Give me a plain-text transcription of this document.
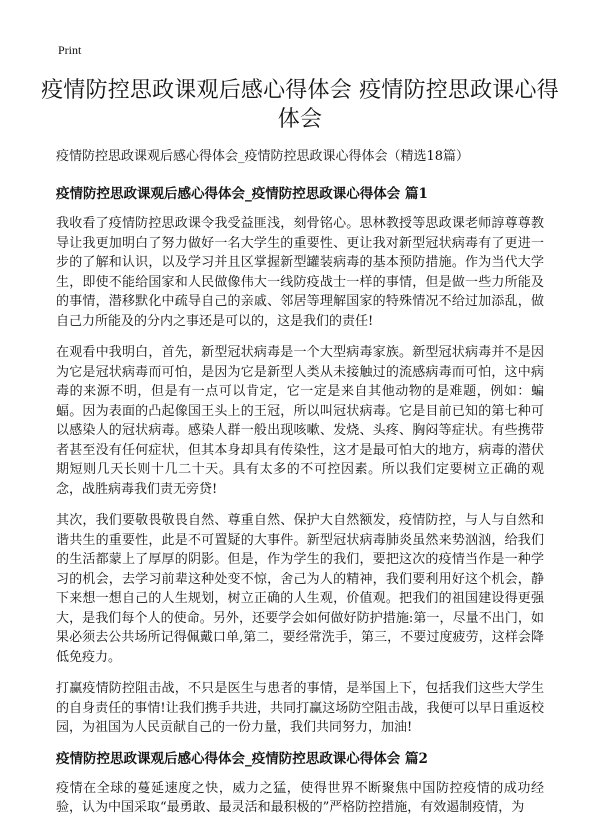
Print
疫情防控思政课观后感心得体会 疫情防控思政课心得体会

疫情防控思政课观后感心得体会_疫情防控思政课心得体会（精选18篇）

疫情防控思政课观后感心得体会_疫情防控思政课心得体会 篇1

我收看了疫情防控思政课令我受益匪浅，刻骨铭心。思林教授等思政课老师諄尊尊教导让我更加明白了努力做好一名大学生的重要性、更让我对新型冠状病毒有了更进一步的了解和认识，以及学习并且区掌握新型罐装病毒的基本预防措施。作为当代大学生，即使不能给国家和人民做像伟大一线防疫战士一样的事情，但是做一些力所能及的事情，潜移默化中疏导自己的亲戚、邻居等理解国家的特殊情况不给过加添乱，做自己力所能及的分内之事还是可以的，这是我们的责任!

在观看中我明白，首先，新型冠状病毒是一个大型病毒家族。新型冠状病毒并不是因为它是冠状病毒而可怕，是因为它是新型人类从未接触过的流感病毒而可怕，这中病毒的来源不明，但是有一点可以肯定，它一定是来自其他动物的是难题，例如：蝙蝠。因为表面的凸起像国王头上的王冠，所以叫冠状病毒。它是目前已知的第七种可以感染人的冠状病毒。感染人群一般出现咳嗽、发烧、头疼、胸闷等症状。有些携带者甚至没有任何症状，但其本身却具有传染性，这才是最可怕大的地方，病毒的潜伏期短则几天长则十几二十天。具有太多的不可控因素。所以我们定要树立正确的观念，战胜病毒我们责无旁贷!

其次，我们要敬畏敬畏自然、尊重自然、保护大自然额发，疫情防控，与人与自然和谐共生的重要性，此是不可置疑的大事件。新型冠状病毒肺炎虽然来势汹汹，给我们的生活都蒙上了厚厚的阴影。但是，作为学生的我们，要把这次的疫情当作是一种学习的机会，去学习前辈这种处变不惊，舍己为人的精神，我们要利用好这个机会，静下来想一想自己的人生规划，树立正确的人生观，价值观。把我们的祖国建设得更强大，是我们每个人的使命。另外，还要学会如何做好防护措施:第一，尽量不出门，如果必须去公共场所记得佩戴口单,第二，要经常洗手，第三，不要过度疲劳，这样会降低免疫力。

打赢疫情防控阻击战，不只是医生与患者的事情，是举国上下，包括我们这些大学生的自身责任的事情!让我们携手共进，共同打赢这场防空阻击战，我便可以早日重返校园，为祖国为人民贡献自己的一份力量，我们共同努力，加油!

疫情防控思政课观后感心得体会_疫情防控思政课心得体会 篇2

疫情在全球的蔓延速度之快，威力之猛，使得世界不断聚焦中国防控疫情的成功经验，认为中国采取“最勇敢、最灵活和最积极的”严格防控措施，有效遏制疫情，为
